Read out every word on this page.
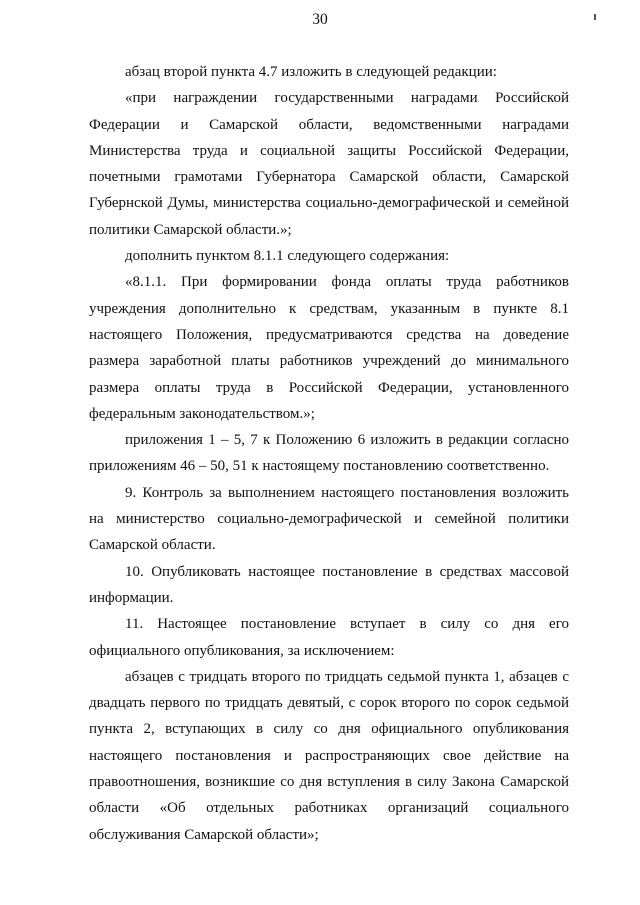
30

абзац второй пункта 4.7 изложить в следующей редакции:

«при награждении государственными наградами Российской Федерации и Самарской области, ведомственными наградами Министерства труда и социальной защиты Российской Федерации, почетными грамотами Губернатора Самарской области, Самарской Губернской Думы, министерства социально-демографической и семейной политики Самарской области.»;

дополнить пунктом 8.1.1 следующего содержания:

«8.1.1. При формировании фонда оплаты труда работников учреждения дополнительно к средствам, указанным в пункте 8.1 настоящего Положения, предусматриваются средства на доведение размера заработной платы работников учреждений до минимального размера оплаты труда в Российской Федерации, установленного федеральным законодательством.»;

приложения 1 – 5, 7 к Положению 6 изложить в редакции согласно приложениям 46 – 50, 51 к настоящему постановлению соответственно.

9. Контроль за выполнением настоящего постановления возложить на министерство социально-демографической и семейной политики Самарской области.

10. Опубликовать настоящее постановление в средствах массовой информации.

11. Настоящее постановление вступает в силу со дня его официального опубликования, за исключением:

абзацев с тридцать второго по тридцать седьмой пункта 1, абзацев с двадцать первого по тридцать девятый, с сорок второго по сорок седьмой пункта 2, вступающих в силу со дня официального опубликования настоящего постановления и распространяющих свое действие на правоотношения, возникшие со дня вступления в силу Закона Самарской области «Об отдельных работниках организаций социального обслуживания Самарской области»;
